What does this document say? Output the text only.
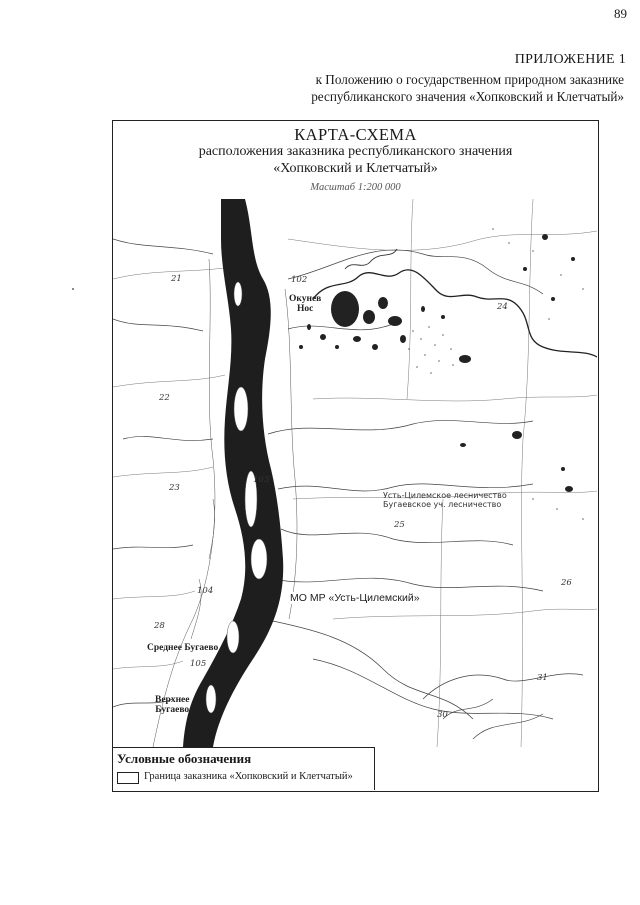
89
ПРИЛОЖЕНИЕ 1
к Положению о государственном природном заказнике
республиканского значения «Хопковский и Клетчатый»
КАРТА-СХЕМА
расположения заказника республиканского значения
«Хопковский и Клетчатый»
Масштаб 1:200 000
21
22
23
24
25
26
28
30
31
102
103
104
105
Окунев
Нос
Среднее Бугаево
Верхнее
Бугаево
Усть-Цилемское лесничество
Бугаевское уч. лесничество
МО МР «Усть-Цилемский»
Условные обозначения
Граница заказника «Хопковский и Клетчатый»
